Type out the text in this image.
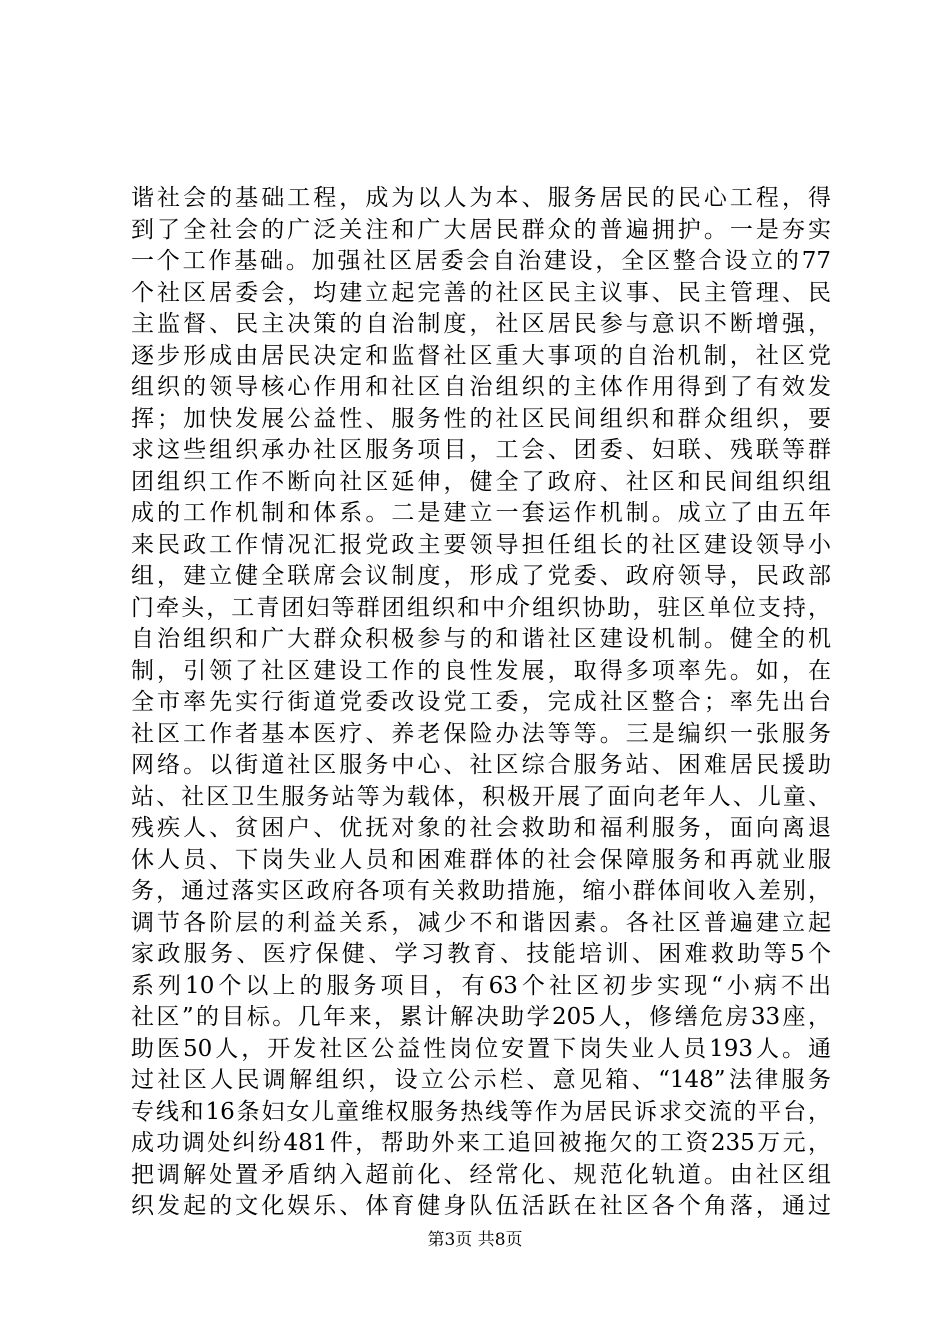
谐社会的基础工程，成为以人为本、服务居民的民心工程，得
到了全社会的广泛关注和广大居民群众的普遍拥护。一是夯实
一个工作基础。加强社区居委会自治建设，全区整合设立的77
个社区居委会，均建立起完善的社区民主议事、民主管理、民
主监督、民主决策的自治制度，社区居民参与意识不断增强，
逐步形成由居民决定和监督社区重大事项的自治机制，社区党
组织的领导核心作用和社区自治组织的主体作用得到了有效发
挥；加快发展公益性、服务性的社区民间组织和群众组织，要
求这些组织承办社区服务项目，工会、团委、妇联、残联等群
团组织工作不断向社区延伸，健全了政府、社区和民间组织组
成的工作机制和体系。二是建立一套运作机制。成立了由五年
来民政工作情况汇报党政主要领导担任组长的社区建设领导小
组，建立健全联席会议制度，形成了党委、政府领导，民政部
门牵头，工青团妇等群团组织和中介组织协助，驻区单位支持，
自治组织和广大群众积极参与的和谐社区建设机制。健全的机
制，引领了社区建设工作的良性发展，取得多项率先。如，在
全市率先实行街道党委改设党工委，完成社区整合；率先出台
社区工作者基本医疗、养老保险办法等等。三是编织一张服务
网络。以街道社区服务中心、社区综合服务站、困难居民援助
站、社区卫生服务站等为载体，积极开展了面向老年人、儿童、
残疾人、贫困户、优抚对象的社会救助和福利服务，面向离退
休人员、下岗失业人员和困难群体的社会保障服务和再就业服
务，通过落实区政府各项有关救助措施，缩小群体间收入差别，
调节各阶层的利益关系，减少不和谐因素。各社区普遍建立起
家政服务、医疗保健、学习教育、技能培训、困难救助等5个
系列10个以上的服务项目，有63个社区初步实现“小病不出
社区”的目标。几年来，累计解决助学205人，修缮危房33座，
助医50人，开发社区公益性岗位安置下岗失业人员193人。通
过社区人民调解组织，设立公示栏、意见箱、“148”法律服务
专线和16条妇女儿童维权服务热线等作为居民诉求交流的平台，
成功调处纠纷481件，帮助外来工追回被拖欠的工资235万元，
把调解处置矛盾纳入超前化、经常化、规范化轨道。由社区组
织发起的文化娱乐、体育健身队伍活跃在社区各个角落，通过
第3页 共8页
